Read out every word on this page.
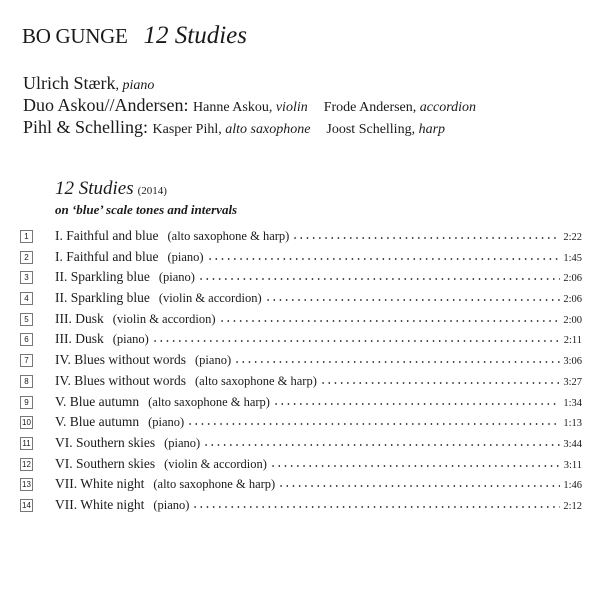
BO GUNGE 12 Studies
Ulrich Stærk, piano
Duo Askou//Andersen: Hanne Askou, violin Frode Andersen, accordion
Pihl & Schelling: Kasper Pihl, alto saxophone Joost Schelling, harp
12 Studies (2014)
on ‘blue’ scale tones and intervals
1	I. Faithful and blue (alto saxophone & harp)	2:22
2	I. Faithful and blue (piano)	1:45
3	II. Sparkling blue (piano)	2:06
4	II. Sparkling blue (violin & accordion)	2:06
5	III. Dusk (violin & accordion)	2:00
6	III. Dusk (piano)	2:11
7	IV. Blues without words (piano)	3:06
8	IV. Blues without words (alto saxophone & harp)	3:27
9	V. Blue autumn (alto saxophone & harp)	1:34
10 V. Blue autumn (piano)	1:13
11 VI. Southern skies (piano)	3:44
12 VI. Southern skies (violin & accordion)	3:11
13 VII. White night (alto saxophone & harp)	1:46
14 VII. White night (piano)	2:12
